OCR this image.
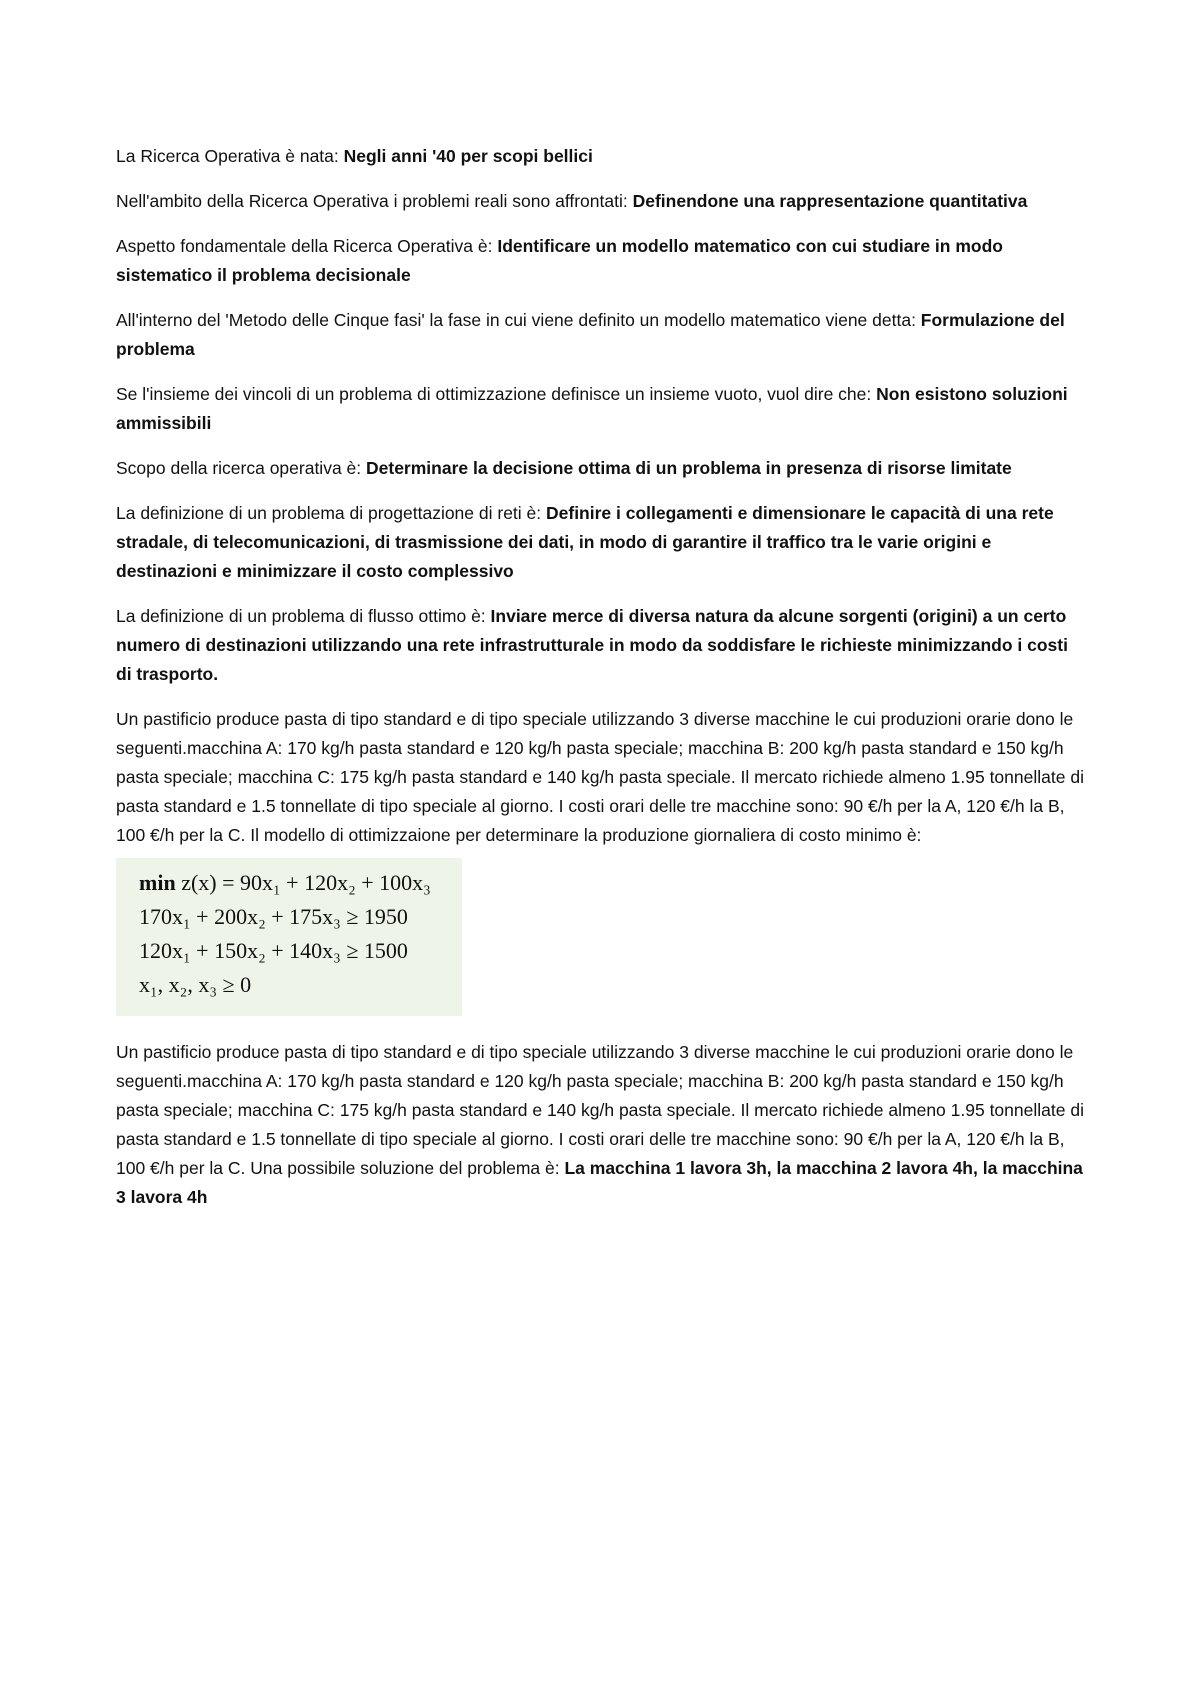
La Ricerca Operativa è nata: Negli anni '40 per scopi bellici

Nell'ambito della Ricerca Operativa i problemi reali sono affrontati: Definendone una rappresentazione quantitativa

Aspetto fondamentale della Ricerca Operativa è: Identificare un modello matematico con cui studiare in modo sistematico il problema decisionale

All'interno del 'Metodo delle Cinque fasi' la fase in cui viene definito un modello matematico viene detta: Formulazione del problema

Se l'insieme dei vincoli di un problema di ottimizzazione definisce un insieme vuoto, vuol dire che: Non esistono soluzioni ammissibili

Scopo della ricerca operativa è: Determinare la decisione ottima di un problema in presenza di risorse limitate

La definizione di un problema di progettazione di reti è: Definire i collegamenti e dimensionare le capacità di una rete stradale, di telecomunicazioni, di trasmissione dei dati, in modo di garantire il traffico tra le varie origini e destinazioni e minimizzare il costo complessivo

La definizione di un problema di flusso ottimo è: Inviare merce di diversa natura da alcune sorgenti (origini) a un certo numero di destinazioni utilizzando una rete infrastrutturale in modo da soddisfare le richieste minimizzando i costi di trasporto.

Un pastificio produce pasta di tipo standard e di tipo speciale utilizzando 3 diverse macchine le cui produzioni orarie dono le seguenti.macchina A: 170 kg/h pasta standard e 120 kg/h pasta speciale; macchina B: 200 kg/h pasta standard e 150 kg/h pasta speciale; macchina C: 175 kg/h pasta standard e 140 kg/h pasta speciale. Il mercato richiede almeno 1.95 tonnellate di pasta standard e 1.5 tonnellate di tipo speciale al giorno. I costi orari delle tre macchine sono: 90 €/h per la A, 120 €/h la B, 100 €/h per la C. Il modello di ottimizzaione per determinare la produzione giornaliera di costo minimo è:

min z(x) = 90x₁ + 120x₂ + 100x₃
170x₁ + 200x₂ + 175x₃ ≥ 1950
120x₁ + 150x₂ + 140x₃ ≥ 1500
x₁, x₂, x₃ ≥ 0

Un pastificio produce pasta di tipo standard e di tipo speciale utilizzando 3 diverse macchine le cui produzioni orarie dono le seguenti.macchina A: 170 kg/h pasta standard e 120 kg/h pasta speciale; macchina B: 200 kg/h pasta standard e 150 kg/h pasta speciale; macchina C: 175 kg/h pasta standard e 140 kg/h pasta speciale. Il mercato richiede almeno 1.95 tonnellate di pasta standard e 1.5 tonnellate di tipo speciale al giorno. I costi orari delle tre macchine sono: 90 €/h per la A, 120 €/h la B, 100 €/h per la C. Una possibile soluzione del problema è: La macchina 1 lavora 3h, la macchina 2 lavora 4h, la macchina 3 lavora 4h
